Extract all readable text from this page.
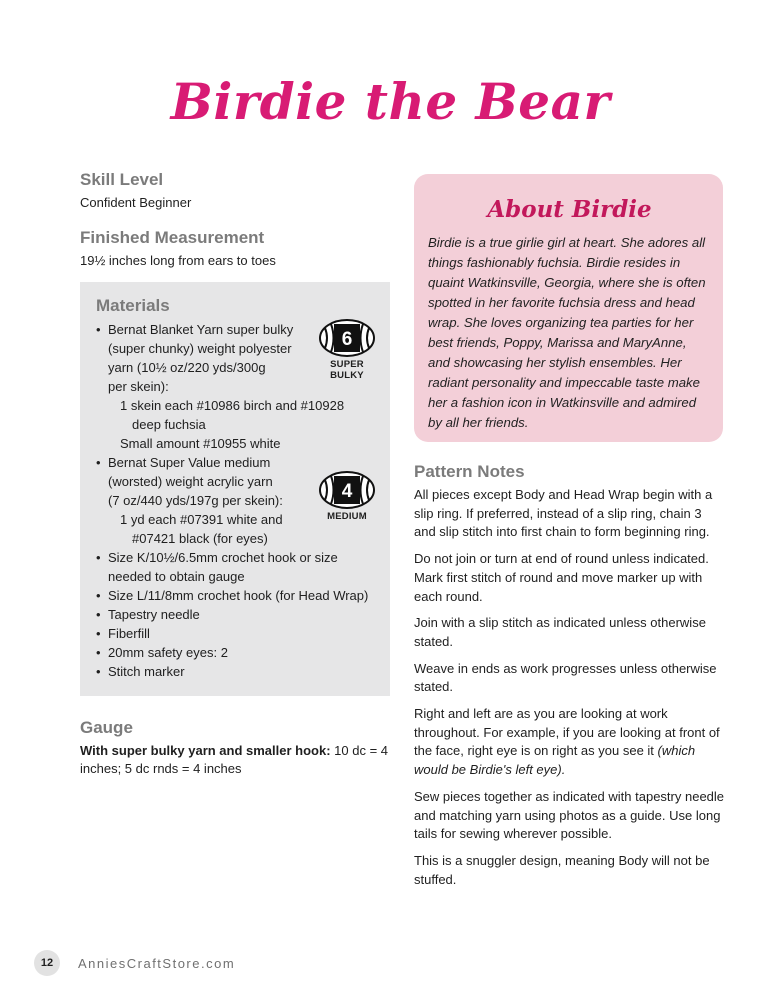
Birdie the Bear
Skill Level
Confident Beginner
Finished Measurement
19½ inches long from ears to toes
Materials
• Bernat Blanket Yarn super bulky
(super chunky) weight polyester
yarn (10½ oz/220 yds/300g
per skein):
1 skein each #10986 birch and #10928
deep fuchsia
Small amount #10955 white
• Bernat Super Value medium
(worsted) weight acrylic yarn
(7 oz/440 yds/197g per skein):
1 yd each #07391 white and
#07421 black (for eyes)
• Size K/10½/6.5mm crochet hook or size
needed to obtain gauge
• Size L/11/8mm crochet hook (for Head Wrap)
• Tapestry needle
• Fiberfill
• 20mm safety eyes: 2
• Stitch marker
6
SUPER BULKY
4
MEDIUM
Gauge
With super bulky yarn and smaller hook: 10 dc = 4 inches; 5 dc rnds = 4 inches
About Birdie

Birdie is a true girlie girl at heart. She adores all things fashionably fuchsia. Birdie resides in quaint Watkinsville, Georgia, where she is often spotted in her favorite fuchsia dress and head wrap. She loves organizing tea parties for her best friends, Poppy, Marissa and MaryAnne, and showcasing her stylish ensembles. Her radiant personality and impeccable taste make her a fashion icon in Watkinsville and admired by all her friends.

Pattern Notes

All pieces except Body and Head Wrap begin with a slip ring. If preferred, instead of a slip ring, chain 3 and slip stitch into first chain to form beginning ring.

Do not join or turn at end of round unless indicated. Mark first stitch of round and move marker up with each round.

Join with a slip stitch as indicated unless otherwise stated.

Weave in ends as work progresses unless otherwise stated.

Right and left are as you are looking at work throughout. For example, if you are looking at front of the face, right eye is on right as you see it (which would be Birdie's left eye).

Sew pieces together as indicated with tapestry needle and matching yarn using photos as a guide. Use long tails for sewing wherever possible.

This is a snuggler design, meaning Body will not be stuffed.

12	AnniesCraftStore.com
